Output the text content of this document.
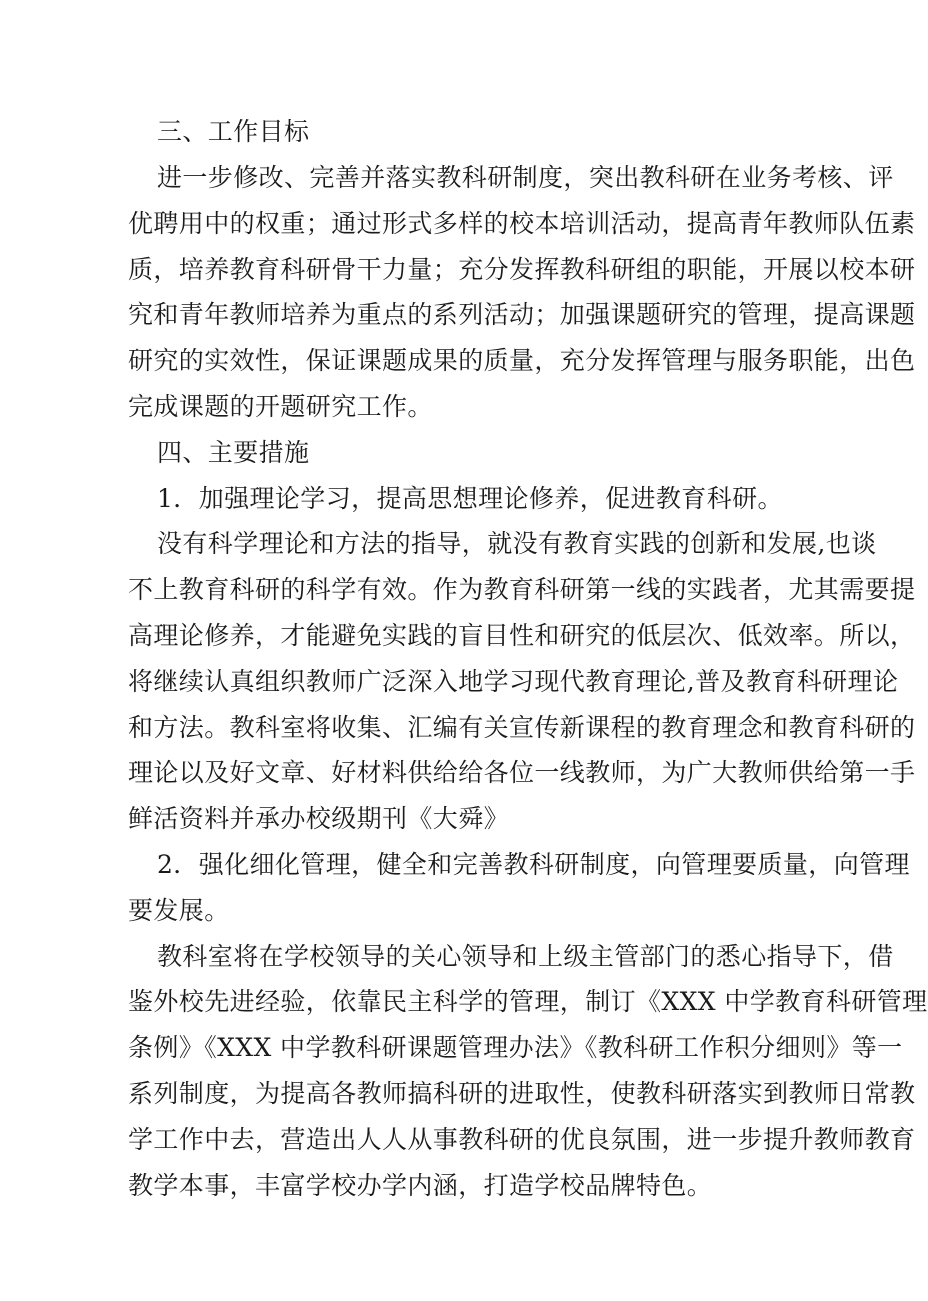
三、工作目标
进一步修改、完善并落实教科研制度，突出教科研在业务考核、评
优聘用中的权重；通过形式多样的校本培训活动，提高青年教师队伍素
质，培养教育科研骨干力量；充分发挥教科研组的职能，开展以校本研
究和青年教师培养为重点的系列活动；加强课题研究的管理，提高课题
研究的实效性，保证课题成果的质量，充分发挥管理与服务职能，出色
完成课题的开题研究工作。
四、主要措施
1．加强理论学习，提高思想理论修养，促进教育科研。
没有科学理论和方法的指导，就没有教育实践的创新和发展,也谈
不上教育科研的科学有效。作为教育科研第一线的实践者，尤其需要提
高理论修养，才能避免实践的盲目性和研究的低层次、低效率。所以，
将继续认真组织教师广泛深入地学习现代教育理论,普及教育科研理论
和方法。教科室将收集、汇编有关宣传新课程的教育理念和教育科研的
理论以及好文章、好材料供给给各位一线教师，为广大教师供给第一手
鲜活资料并承办校级期刊《大舜》
2．强化细化管理，健全和完善教科研制度，向管理要质量，向管理
要发展。
教科室将在学校领导的关心领导和上级主管部门的悉心指导下，借
鉴外校先进经验，依靠民主科学的管理，制订《XXX 中学教育科研管理
条例》《XXX 中学教科研课题管理办法》《教科研工作积分细则》等一
系列制度，为提高各教师搞科研的进取性，使教科研落实到教师日常教
学工作中去，营造出人人从事教科研的优良氛围，进一步提升教师教育
教学本事，丰富学校办学内涵，打造学校品牌特色。
